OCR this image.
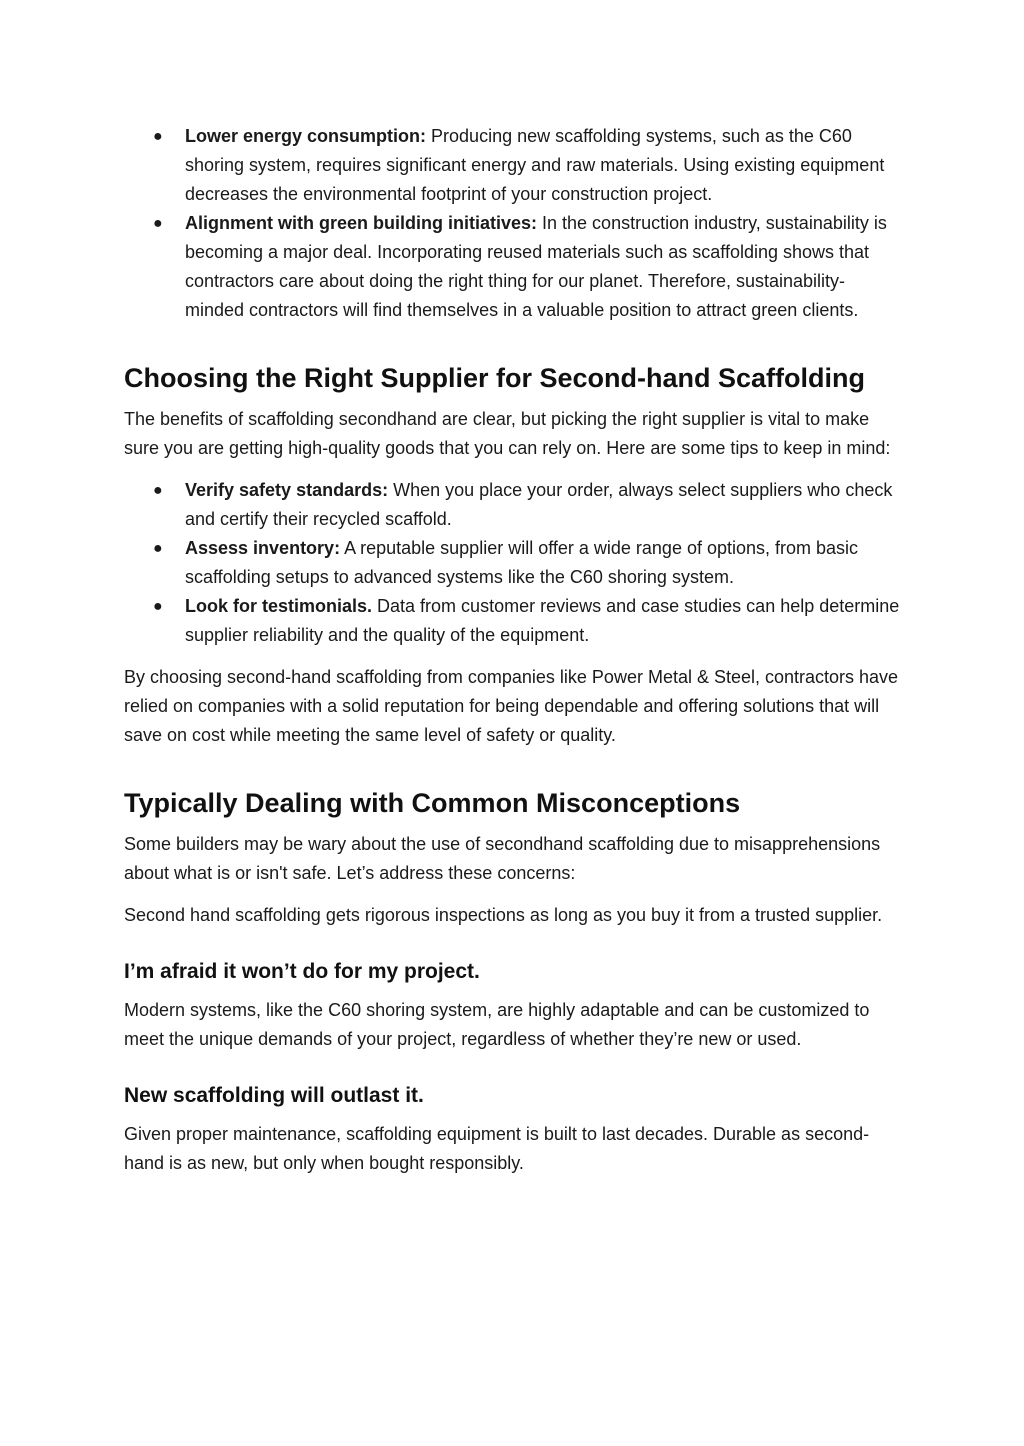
● Lower energy consumption: Producing new scaffolding systems, such as the C60 shoring system, requires significant energy and raw materials. Using existing equipment decreases the environmental footprint of your construction project.
● Alignment with green building initiatives: In the construction industry, sustainability is becoming a major deal. Incorporating reused materials such as scaffolding shows that contractors care about doing the right thing for our planet. Therefore, sustainability-minded contractors will find themselves in a valuable position to attract green clients.
Choosing the Right Supplier for Second-hand Scaffolding

The benefits of scaffolding secondhand are clear, but picking the right supplier is vital to make sure you are getting high-quality goods that you can rely on. Here are some tips to keep in mind:

● Verify safety standards: When you place your order, always select suppliers who check and certify their recycled scaffold.
● Assess inventory: A reputable supplier will offer a wide range of options, from basic scaffolding setups to advanced systems like the C60 shoring system.
● Look for testimonials. Data from customer reviews and case studies can help determine supplier reliability and the quality of the equipment.

By choosing second-hand scaffolding from companies like Power Metal & Steel, contractors have relied on companies with a solid reputation for being dependable and offering solutions that will save on cost while meeting the same level of safety or quality.

Typically Dealing with Common Misconceptions

Some builders may be wary about the use of secondhand scaffolding due to misapprehensions about what is or isn't safe. Let’s address these concerns:

Second hand scaffolding gets rigorous inspections as long as you buy it from a trusted supplier.

I’m afraid it won’t do for my project.

Modern systems, like the C60 shoring system, are highly adaptable and can be customized to meet the unique demands of your project, regardless of whether they’re new or used.

New scaffolding will outlast it.

Given proper maintenance, scaffolding equipment is built to last decades. Durable as second-hand is as new, but only when bought responsibly.
